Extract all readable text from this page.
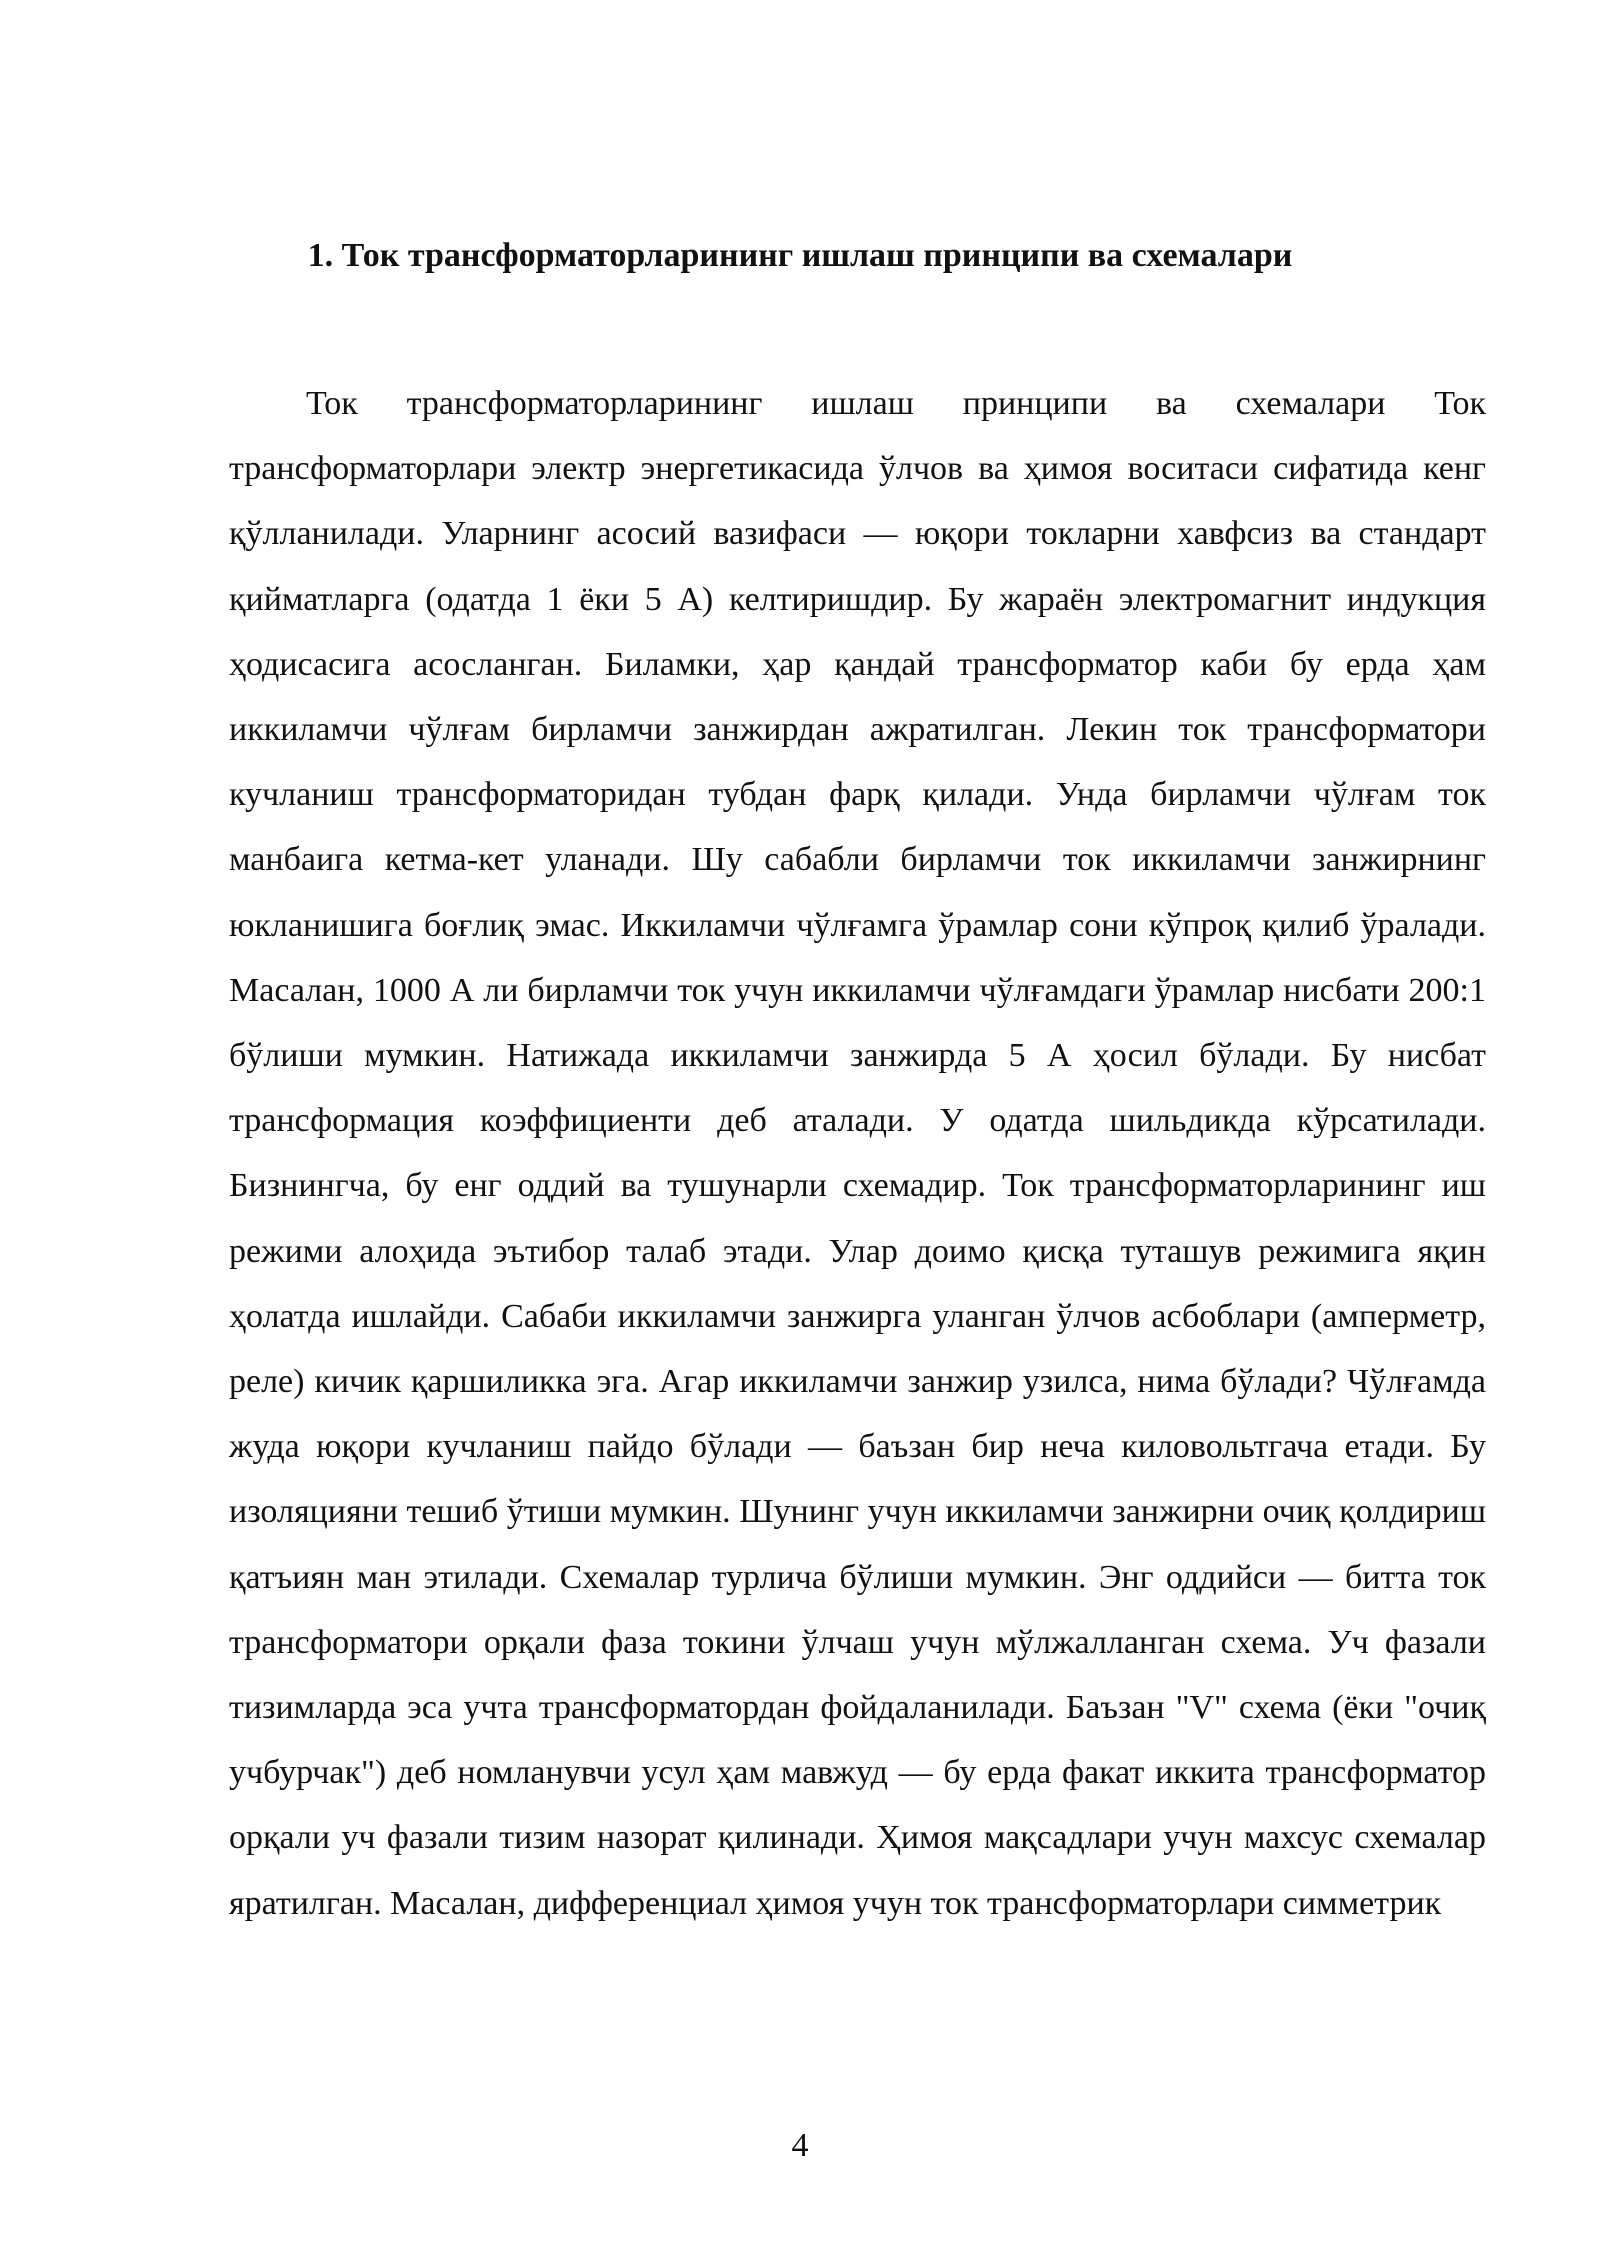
1. Ток трансформаторларининг ишлаш принципи ва схемалари

Ток трансформаторларининг ишлаш принципи ва схемалари Ток трансформаторлари электр энергетикасида ўлчов ва ҳимоя воситаси сифатида кенг қўлланилади. Уларнинг асосий вазифаси — юқори токларни хавфсиз ва стандарт қийматларга (одатда 1 ёки 5 А) келтиришдир. Бу жараён электромагнит индукция ҳодисасига асосланган. Биламки, ҳар қандай трансформатор каби бу ерда ҳам иккиламчи чўлғам бирламчи занжирдан ажратилган. Лекин ток трансформатори кучланиш трансформаторидан тубдан фарқ қилади. Унда бирламчи чўлғам ток манбаига кетма-кет уланади. Шу сабабли бирламчи ток иккиламчи занжирнинг юкланишига боғлиқ эмас. Иккиламчи чўлғамга ўрамлар сони кўпроқ қилиб ўралади. Масалан, 1000 А ли бирламчи ток учун иккиламчи чўлғамдаги ўрамлар нисбати 200:1 бўлиши мумкин. Натижада иккиламчи занжирда 5 А ҳосил бўлади. Бу нисбат трансформация коэффициенти деб аталади. У одатда шильдикда кўрсатилади. Бизнингча, бу енг оддий ва тушунарли схемадир. Ток трансформаторларининг иш режими алоҳида эътибор талаб этади. Улар доимо қисқа туташув режимига яқин ҳолатда ишлайди. Сабаби иккиламчи занжирга уланган ўлчов асбоблари (амперметр, реле) кичик қаршиликка эга. Агар иккиламчи занжир узилса, нима бўлади? Чўлғамда жуда юқори кучланиш пайдо бўлади — баъзан бир неча киловольтгача етади. Бу изоляцияни тешиб ўтиши мумкин. Шунинг учун иккиламчи занжирни очиқ қолдириш қатъиян ман этилади. Схемалар турлича бўлиши мумкин. Энг оддийси — битта ток трансформатори орқали фаза токини ўлчаш учун мўлжалланган схема. Уч фазали тизимларда эса учта трансформатордан фойдаланилади. Баъзан "V" схема (ёки "очиқ учбурчак") деб номланувчи усул ҳам мавжуд — бу ерда факат иккита трансформатор орқали уч фазали тизим назорат қилинади. Ҳимоя мақсадлари учун махсус схемалар яратилган. Масалан, дифференциал ҳимоя учун ток трансформаторлари симметрик

4
